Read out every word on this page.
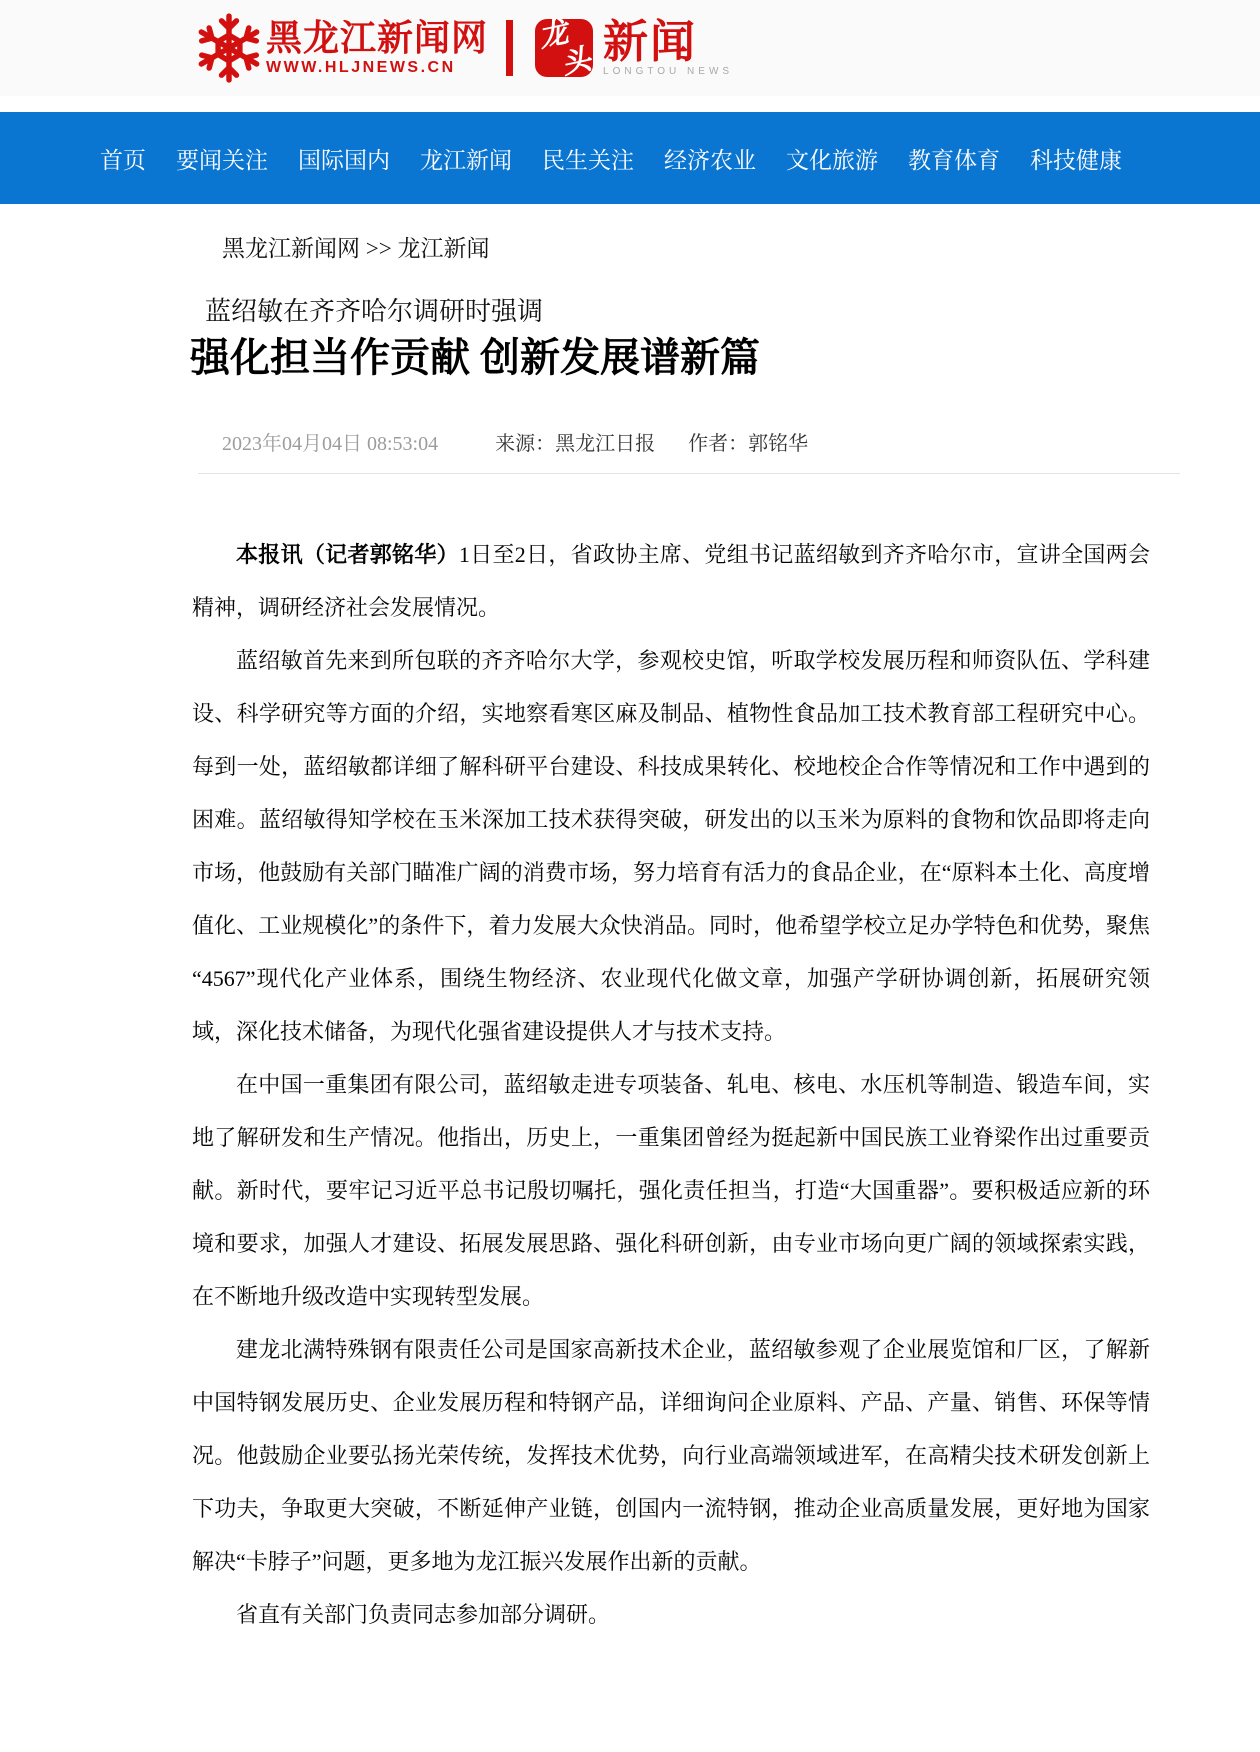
黑龙江新闻网
WWW.HLJNEWS.CN
龙
头 新闻
LONGTOU NEWS
首页 要闻关注 国际国内 龙江新闻 民生关注 经济农业 文化旅游 教育体育 科技健康
黑龙江新闻网 >> 龙江新闻
蓝绍敏在齐齐哈尔调研时强调
强化担当作贡献 创新发展谱新篇
2023年04月04日 08:53:04	来源：黑龙江日报 作者：郭铭华

本报讯（记者郭铭华）1日至2日，省政协主席、党组书记蓝绍敏到齐齐哈尔市，宣讲全国两会精神，调研经济社会发展情况。

蓝绍敏首先来到所包联的齐齐哈尔大学，参观校史馆，听取学校发展历程和师资队伍、学科建设、科学研究等方面的介绍，实地察看寒区麻及制品、植物性食品加工技术教育部工程研究中心。每到一处，蓝绍敏都详细了解科研平台建设、科技成果转化、校地校企合作等情况和工作中遇到的困难。蓝绍敏得知学校在玉米深加工技术获得突破，研发出的以玉米为原料的食物和饮品即将走向市场，他鼓励有关部门瞄准广阔的消费市场，努力培育有活力的食品企业，在“原料本土化、高度增值化、工业规模化”的条件下，着力发展大众快消品。同时，他希望学校立足办学特色和优势，聚焦“4567”现代化产业体系，围绕生物经济、农业现代化做文章，加强产学研协调创新，拓展研究领域，深化技术储备，为现代化强省建设提供人才与技术支持。

在中国一重集团有限公司，蓝绍敏走进专项装备、轧电、核电、水压机等制造、锻造车间，实地了解研发和生产情况。他指出，历史上，一重集团曾经为挺起新中国民族工业脊梁作出过重要贡献。新时代，要牢记习近平总书记殷切嘱托，强化责任担当，打造“大国重器”。要积极适应新的环境和要求，加强人才建设、拓展发展思路、强化科研创新，由专业市场向更广阔的领域探索实践，在不断地升级改造中实现转型发展。

建龙北满特殊钢有限责任公司是国家高新技术企业，蓝绍敏参观了企业展览馆和厂区，了解新中国特钢发展历史、企业发展历程和特钢产品，详细询问企业原料、产品、产量、销售、环保等情况。他鼓励企业要弘扬光荣传统，发挥技术优势，向行业高端领域进军，在高精尖技术研发创新上下功夫，争取更大突破，不断延伸产业链，创国内一流特钢，推动企业高质量发展，更好地为国家解决“卡脖子”问题，更多地为龙江振兴发展作出新的贡献。

省直有关部门负责同志参加部分调研。
